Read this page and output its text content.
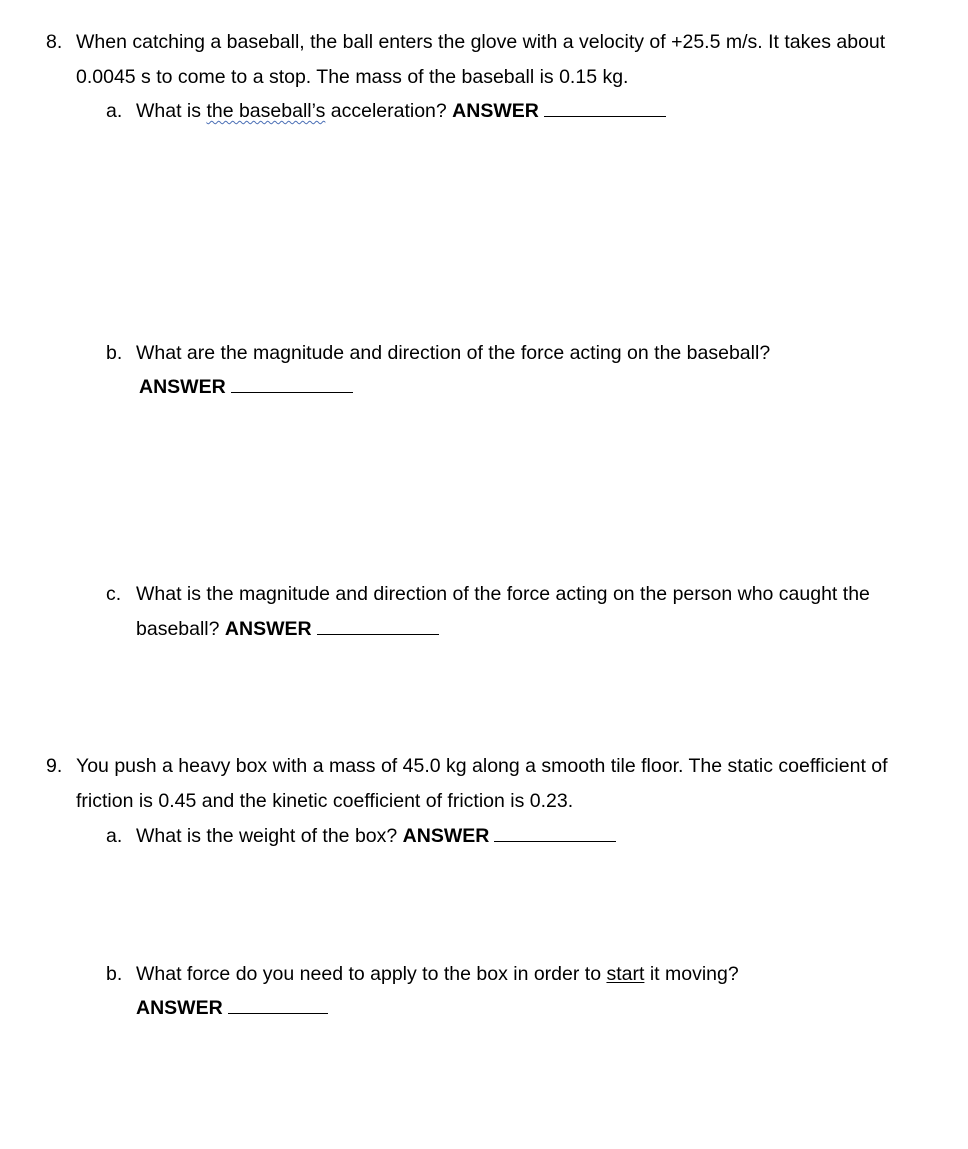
8. When catching a baseball, the ball enters the glove with a velocity of +25.5 m/s. It takes about
0.0045 s to come to a stop. The mass of the baseball is 0.15 kg.
a. What is the baseball’s acceleration? ANSWER
b. What are the magnitude and direction of the force acting on the baseball?
ANSWER
c. What is the magnitude and direction of the force acting on the person who caught the
baseball? ANSWER
9. You push a heavy box with a mass of 45.0 kg along a smooth tile floor. The static coefficient of
friction is 0.45 and the kinetic coefficient of friction is 0.23.
a. What is the weight of the box? ANSWER
b. What force do you need to apply to the box in order to start it moving?
ANSWER
